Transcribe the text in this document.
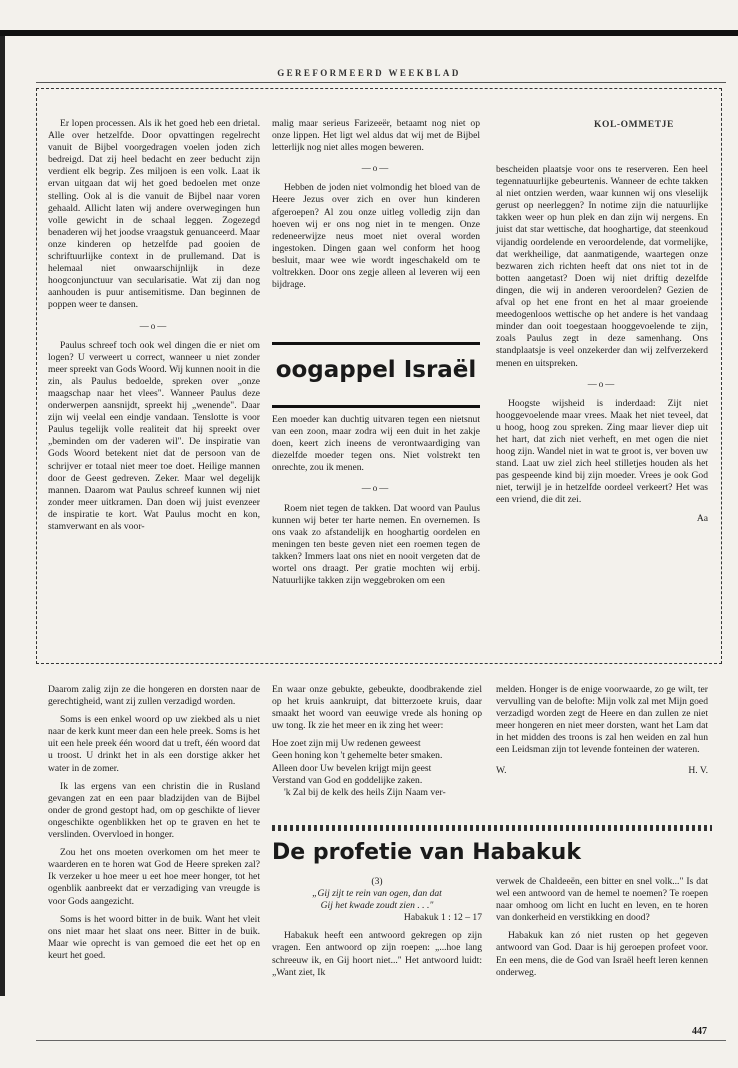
GEREFORMEERD WEEKBLAD
KOL-OMMETJE

Er lopen processen. Als ik het goed heb een drietal. Alle over hetzelfde. Door opvattingen regelrecht vanuit de Bijbel voorgedragen voelen joden zich bedreigd. Dat zij heel bedacht en zeer beducht zijn verdient elk begrip. Zes miljoen is een volk. Laat ik ervan uitgaan dat wij het goed bedoelen met onze stelling. Ook al is die vanuit de Bijbel naar voren gehaald. Allicht laten wij andere overwegingen hun volle gewicht in de schaal leggen. Zogezegd benaderen wij het joodse vraagstuk genuanceerd. Maar onze kinderen op hetzelfde pad gooien de schriftuurlijke context in de prullemand. Dat is helemaal niet onwaarschijnlijk in deze hoogconjunctuur van secularisatie. Wat zij dan nog aanhouden is puur antisemitisme. Dan beginnen de poppen weer te dansen.

—o—

Paulus schreef toch ook wel dingen die er niet om logen? U verweert u correct, wanneer u niet zonder meer spreekt van Gods Woord. Wij kunnen nooit in die zin, als Paulus bedoelde, spreken over „onze maagschap naar het vlees". Wanneer Paulus deze onderwerpen aansnijdt, spreekt hij „wenende". Daar zijn wij veelal een eindje vandaan. Tenslotte is voor Paulus tegelijk volle realiteit dat hij spreekt over „beminden om der vaderen wil". De inspiratie van Gods Woord betekent niet dat de persoon van de schrijver er totaal niet meer toe doet. Heilige mannen door de Geest gedreven. Zeker. Maar wel degelijk mannen. Daarom wat Paulus schreef kunnen wij niet zonder meer uitkramen. Dan doen wij juist evenzeer de inspiratie te kort. Wat Paulus mocht en kon, stamverwant en als voor-

malig maar serieus Farizeeër, betaamt nog niet op onze lippen. Het ligt wel aldus dat wij met de Bijbel letterlijk nog niet alles mogen beweren.

—o—

Hebben de joden niet volmondig het bloed van de Heere Jezus over zich en over hun kinderen afgeroepen? Al zou onze uitleg volledig zijn dan hoeven wij er ons nog niet in te mengen. Onze redeneerwijze neus moet niet overal worden ingestoken. Dingen gaan wel conform het hoog besluit, maar wee wie wordt ingeschakeld om te voltrekken. Door ons zegje alleen al leveren wij een bijdrage.

oogappel Israël

Een moeder kan duchtig uitvaren tegen een nietsnut van een zoon, maar zodra wij een duit in het zakje doen, keert zich ineens de verontwaardiging van diezelfde moeder tegen ons. Niet volstrekt ten onrechte, zou ik menen.

—o—

Roem niet tegen de takken. Dat woord van Paulus kunnen wij beter ter harte nemen. En overnemen. Is ons vaak zo afstandelijk en hooghartig oordelen en meningen ten beste geven niet een roemen tegen de takken? Immers laat ons niet en nooit vergeten dat de wortel ons draagt. Per gratie mochten wij erbij. Natuurlijke takken zijn weggebroken om een

bescheiden plaatsje voor ons te reserveren. Een heel tegennatuurlijke gebeurtenis. Wanneer de echte takken al niet ontzien werden, waar kunnen wij ons vleselijk gerust op neerleggen? In notime zijn die natuurlijke takken weer op hun plek en dan zijn wij nergens. En juist dat star wettische, dat hooghartige, dat steenkoud vijandig oordelende en veroordelende, dat vormelijke, dat werkheilige, dat aanmatigende, waartegen onze bezwaren zich richten heeft dat ons niet tot in de botten aangetast? Doen wij niet driftig dezelfde dingen, die wij in anderen veroordelen? Gezien de afval op het ene front en het al maar groeiende meedogenloos wettische op het andere is het vandaag minder dan ooit toegestaan hooggevoelende te zijn, zoals Paulus zegt in deze samenhang. Ons standplaatsje is veel onzekerder dan wij zelfverzekerd menen en uitspreken.

—o—

Hoogste wijsheid is inderdaad: Zijt niet hooggevoelende maar vrees. Maak het niet teveel, dat u hoog, hoog zou spreken. Zing maar liever diep uit het hart, dat zich niet verheft, en met ogen die niet hoog zijn. Wandel niet in wat te groot is, ver boven uw stand. Laat uw ziel zich heel stilletjes houden als het pas gespeende kind bij zijn moeder. Vrees je ook God niet, terwijl je in hetzelfde oordeel verkeert? Het was een vriend, die dit zei.

Aa

Daarom zalig zijn ze die hongeren en dorsten naar de gerechtigheid, want zij zullen verzadigd worden.

Soms is een enkel woord op uw ziekbed als u niet naar de kerk kunt meer dan een hele preek. Soms is het uit een hele preek één woord dat u treft, één woord dat u troost. U drinkt het in als een dorstige akker het water in de zomer.

Ik las ergens van een christin die in Rusland gevangen zat en een paar bladzijden van de Bijbel onder de grond gestopt had, om op geschikte of liever ongeschikte ogenblikken het op te graven en het te verslinden. Overvloed in honger.

Zou het ons moeten overkomen om het meer te waarderen en te horen wat God de Heere spreken zal? Ik verzeker u hoe meer u eet hoe meer honger, tot het ogenblik aanbreekt dat er verzadiging van vreugde is voor Gods aangezicht.

Soms is het woord bitter in de buik. Want het vleit ons niet maar het slaat ons neer. Bitter in de buik. Maar wie oprecht is van gemoed die eet het op en keurt het goed.

En waar onze gebukte, gebeukte, doodbrakende ziel op het kruis aankruipt, dat bitterzoete kruis, daar smaakt het woord van eeuwige vrede als honing op uw tong. Ik zie het meer en ik zing het weer:

Hoe zoet zijn mij Uw redenen geweest
Geen honing kon 't gehemelte beter smaken.
Alleen door Uw bevelen krijgt mijn geest
Verstand van God en goddelijke zaken.
'k Zal bij de kelk des heils Zijn Naam ver-

melden. Honger is de enige voorwaarde, zo ge wilt, ter vervulling van de belofte: Mijn volk zal met Mijn goed verzadigd worden zegt de Heere en dan zullen ze niet meer hongeren en niet meer dorsten, want het Lam dat in het midden des troons is zal hen weiden en zal hun een Leidsman zijn tot levende fonteinen der wateren.

W.	H. V.
De profetie van Habakuk
(3)
„Gij zijt te rein van ogen, dan dat
Gij het kwade zoudt zien . . ."
Habakuk 1 : 12 – 17

Habakuk heeft een antwoord gekregen op zijn vragen. Een antwoord op zijn roepen: „...hoe lang schreeuw ik, en Gij hoort niet..." Het antwoord luidt: „Want ziet, Ik

verwek de Chaldeeën, een bitter en snel volk..." Is dat wel een antwoord van de hemel te noemen? Te roepen naar omhoog om licht en lucht en leven, en te horen van donkerheid en verstikking en dood?

Habakuk kan zó niet rusten op het gegeven antwoord van God. Daar is hij geroepen profeet voor. En een mens, die de God van Israël heeft leren kennen onderweg.

447
